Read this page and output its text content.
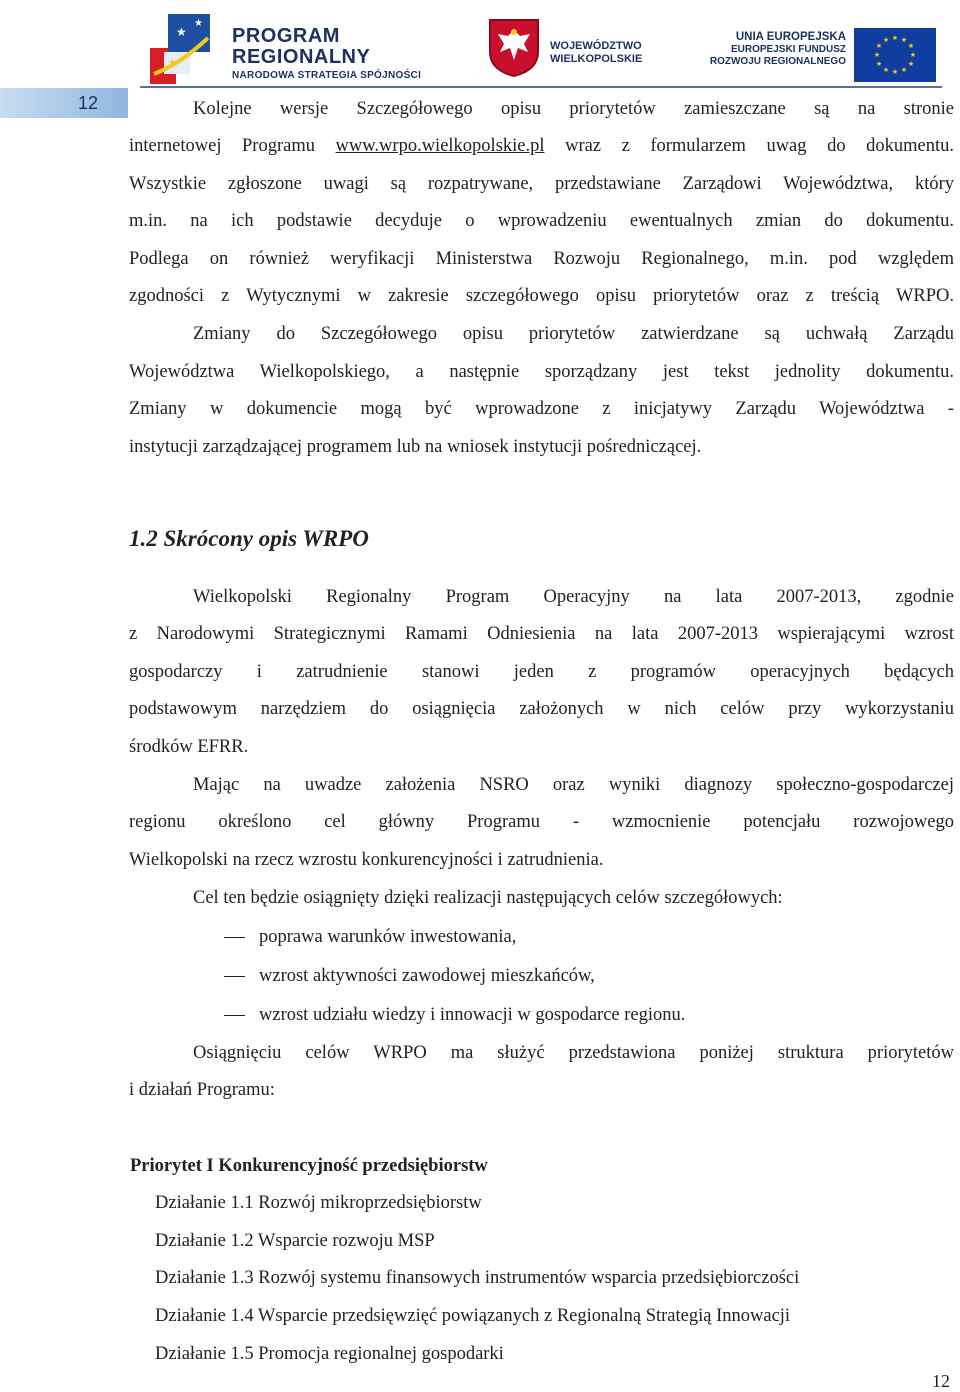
★
★
★
PROGRAM
REGIONALNY
NARODOWA STRATEGIA SPÓJNOŚCI
WOJEWÓDZTWO
WIELKOPOLSKIE
UNIA EUROPEJSKA
EUROPEJSKI FUNDUSZ
ROZWOJU REGIONALNEGO
★ ★
★
★
★
★
★
★
★
★
★
★
12	Kolejne wersje Szczegółowego opisu priorytetów zamieszczane są na stronie
internetowej Programu www.wrpo.wielkopolskie.pl wraz z formularzem uwag do dokumentu.
Wszystkie zgłoszone uwagi są rozpatrywane, przedstawiane Zarządowi Województwa, który
m.in. na ich podstawie decyduje o wprowadzeniu ewentualnych zmian do dokumentu.
Podlega on również weryfikacji Ministerstwa Rozwoju Regionalnego, m.in. pod względem
zgodności z Wytycznymi w zakresie szczegółowego opisu priorytetów oraz z treścią WRPO.
Zmiany do Szczegółowego opisu priorytetów zatwierdzane są uchwałą Zarządu
Województwa Wielkopolskiego, a następnie sporządzany jest tekst jednolity dokumentu.
Zmiany w dokumencie mogą być wprowadzone z inicjatywy Zarządu Województwa -
instytucji zarządzającej programem lub na wniosek instytucji pośredniczącej.
1.2 Skrócony opis WRPO
Wielkopolski Regionalny Program Operacyjny na lata 2007-2013, zgodnie
z Narodowymi Strategicznymi Ramami Odniesienia na lata 2007-2013 wspierającymi wzrost
gospodarczy i zatrudnienie stanowi jeden z programów operacyjnych będących
podstawowym narzędziem do osiągnięcia założonych w nich celów przy wykorzystaniu
środków EFRR.
Mając na uwadze założenia NSRO oraz wyniki diagnozy społeczno-gospodarczej
regionu określono cel główny Programu - wzmocnienie potencjału rozwojowego
Wielkopolski na rzecz wzrostu konkurencyjności i zatrudnienia.
Cel ten będzie osiągnięty dzięki realizacji następujących celów szczegółowych:
poprawa warunków inwestowania,
wzrost aktywności zawodowej mieszkańców,
wzrost udziału wiedzy i innowacji w gospodarce regionu.
Osiągnięciu celów WRPO ma służyć przedstawiona poniżej struktura priorytetów
i działań Programu:
Priorytet I Konkurencyjność przedsiębiorstw
Działanie 1.1 Rozwój mikroprzedsiębiorstw
Działanie 1.2 Wsparcie rozwoju MSP
Działanie 1.3 Rozwój systemu finansowych instrumentów wsparcia przedsiębiorczości
Działanie 1.4 Wsparcie przedsięwzięć powiązanych z Regionalną Strategią Innowacji
Działanie 1.5 Promocja regionalnej gospodarki
12
